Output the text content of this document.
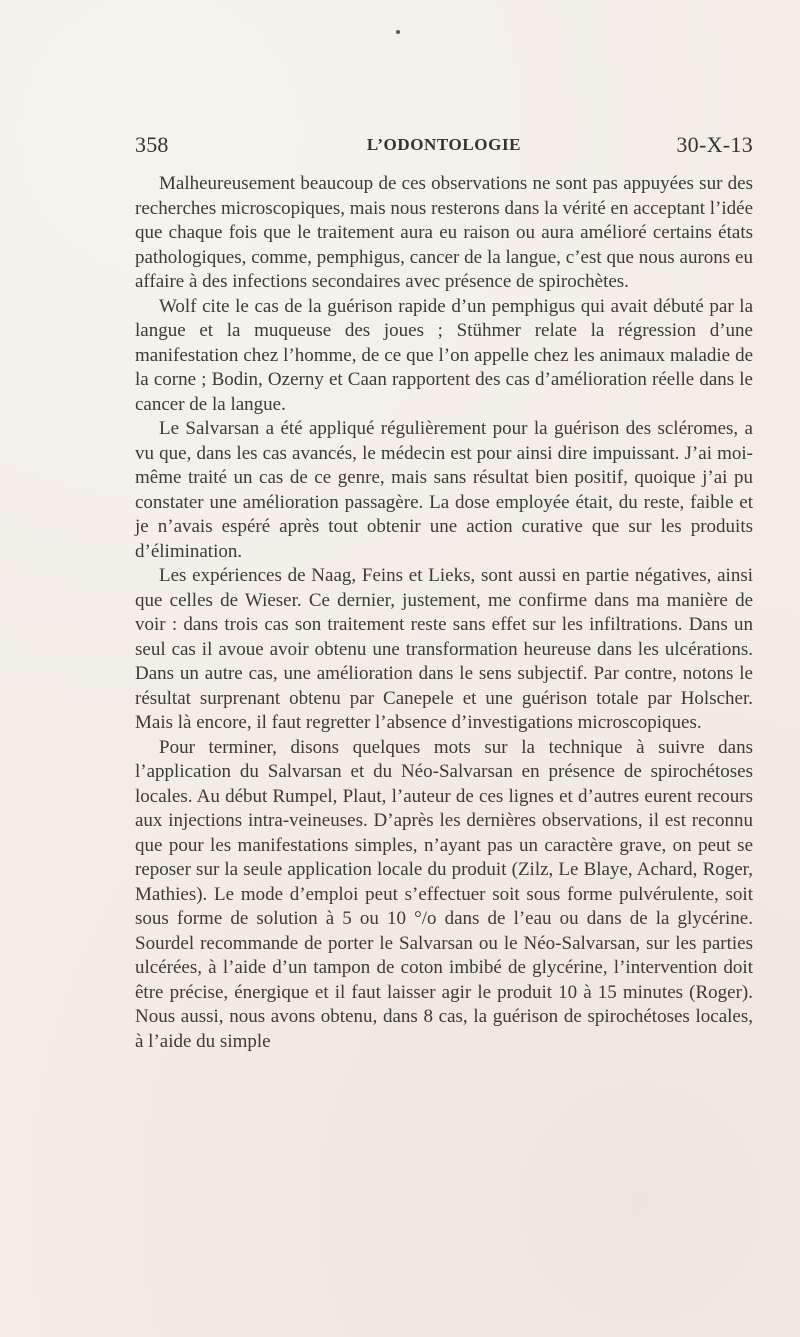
358	L’ODONTOLOGIE	30-X-13

Malheureusement beaucoup de ces observations ne sont pas appuyées sur des recherches microscopiques, mais nous resterons dans la vérité en acceptant l’idée que chaque fois que le traitement aura eu raison ou aura amélioré certains états pathologiques, comme, pemphigus, cancer de la langue, c’est que nous aurons eu affaire à des infections secondaires avec présence de spirochètes.

Wolf cite le cas de la guérison rapide d’un pemphigus qui avait débuté par la langue et la muqueuse des joues ; Stühmer relate la régression d’une manifestation chez l’homme, de ce que l’on appelle chez les animaux maladie de la corne ; Bodin, Ozerny et Caan rapportent des cas d’amélioration réelle dans le cancer de la langue.

Le Salvarsan a été appliqué régulièrement pour la guérison des scléromes, a vu que, dans les cas avancés, le médecin est pour ainsi dire impuissant. J’ai moi-même traité un cas de ce genre, mais sans résultat bien positif, quoique j’ai pu constater une amélioration passagère. La dose employée était, du reste, faible et je n’avais espéré après tout obtenir une action curative que sur les produits d’élimination.

Les expériences de Naag, Feins et Lieks, sont aussi en partie négatives, ainsi que celles de Wieser. Ce dernier, justement, me confirme dans ma manière de voir : dans trois cas son traitement reste sans effet sur les infiltrations. Dans un seul cas il avoue avoir obtenu une transformation heureuse dans les ulcérations. Dans un autre cas, une amélioration dans le sens subjectif. Par contre, notons le résultat surprenant obtenu par Canepele et une guérison totale par Holscher. Mais là encore, il faut regretter l’absence d’investigations microscopiques.

Pour terminer, disons quelques mots sur la technique à suivre dans l’application du Salvarsan et du Néo-Salvarsan en présence de spirochétoses locales. Au début Rumpel, Plaut, l’auteur de ces lignes et d’autres eurent recours aux injections intra-veineuses. D’après les dernières observations, il est reconnu que pour les manifestations simples, n’ayant pas un caractère grave, on peut se reposer sur la seule application locale du produit (Zilz, Le Blaye, Achard, Roger, Mathies). Le mode d’emploi peut s’effectuer soit sous forme pulvérulente, soit sous forme de solution à 5 ou 10 °/o dans de l’eau ou dans de la glycérine. Sourdel recommande de porter le Salvarsan ou le Néo-Salvarsan, sur les parties ulcérées, à l’aide d’un tampon de coton imbibé de glycérine, l’intervention doit être précise, énergique et il faut laisser agir le produit 10 à 15 minutes (Roger). Nous aussi, nous avons obtenu, dans 8 cas, la guérison de spirochétoses locales, à l’aide du simple
